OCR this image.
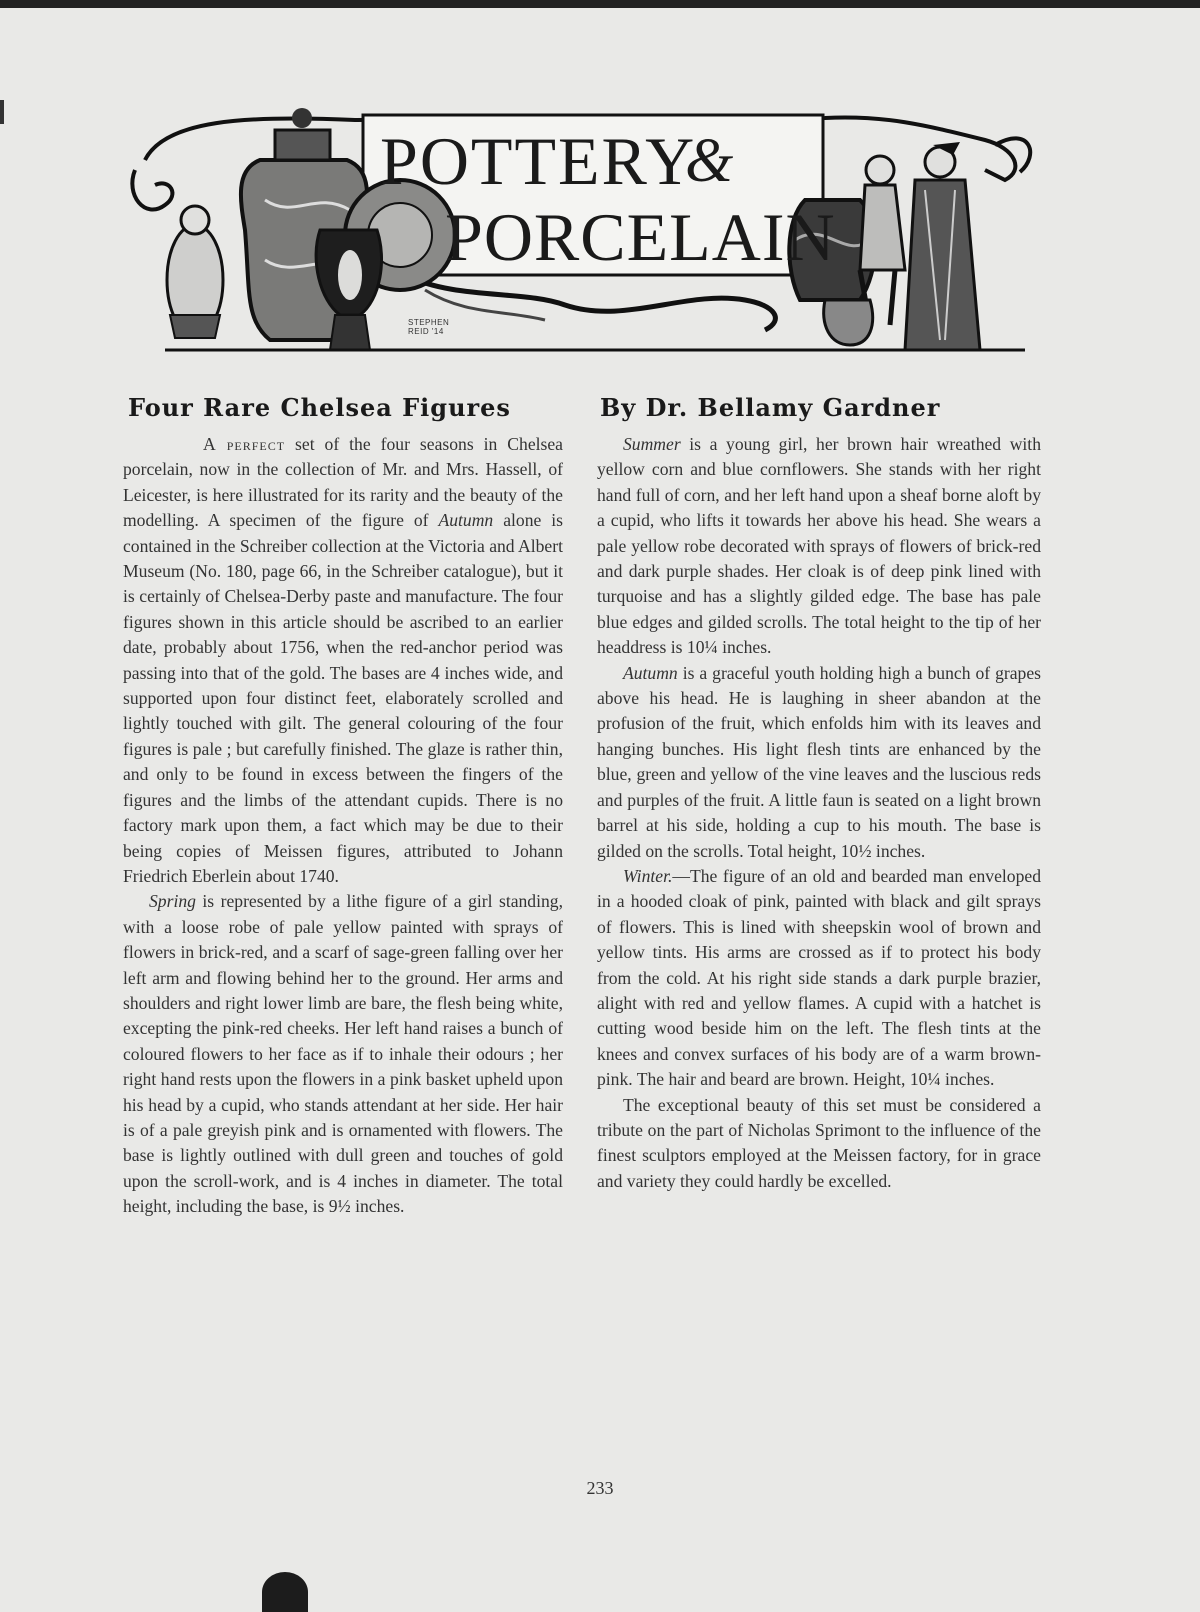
POTTERY
&
PORCELAIN
STEPHEN
REID '14
Four Rare Chelsea Figures	By Dr. Bellamy Gardner

A perfect set of the four seasons in Chelsea porcelain, now in the collection of Mr. and Mrs. Hassell, of Leicester, is here illustrated for its rarity and the beauty of the modelling. A specimen of the figure of Autumn alone is contained in the Schreiber collection at the Victoria and Albert Museum (No. 180, page 66, in the Schreiber catalogue), but it is certainly of Chelsea-Derby paste and manufacture. The four figures shown in this article should be ascribed to an earlier date, probably about 1756, when the red-anchor period was passing into that of the gold. The bases are 4 inches wide, and supported upon four distinct feet, elaborately scrolled and lightly touched with gilt. The general colouring of the four figures is pale ; but carefully finished. The glaze is rather thin, and only to be found in excess between the fingers of the figures and the limbs of the attendant cupids. There is no factory mark upon them, a fact which may be due to their being copies of Meissen figures, attributed to Johann Friedrich Eberlein about 1740.

Spring is represented by a lithe figure of a girl standing, with a loose robe of pale yellow painted with sprays of flowers in brick-red, and a scarf of sage-green falling over her left arm and flowing behind her to the ground. Her arms and shoulders and right lower limb are bare, the flesh being white, excepting the pink-red cheeks. Her left hand raises a bunch of coloured flowers to her face as if to inhale their odours ; her right hand rests upon the flowers in a pink basket upheld upon his head by a cupid, who stands attendant at her side. Her hair is of a pale greyish pink and is ornamented with flowers. The base is lightly outlined with dull green and touches of gold upon the scroll-work, and is 4 inches in diameter. The total height, including the base, is 9½ inches.

Summer is a young girl, her brown hair wreathed with yellow corn and blue cornflowers. She stands with her right hand full of corn, and her left hand upon a sheaf borne aloft by a cupid, who lifts it towards her above his head. She wears a pale yellow robe decorated with sprays of flowers of brick-red and dark purple shades. Her cloak is of deep pink lined with turquoise and has a slightly gilded edge. The base has pale blue edges and gilded scrolls. The total height to the tip of her headdress is 10¼ inches.

Autumn is a graceful youth holding high a bunch of grapes above his head. He is laughing in sheer abandon at the profusion of the fruit, which enfolds him with its leaves and hanging bunches. His light flesh tints are enhanced by the blue, green and yellow of the vine leaves and the luscious reds and purples of the fruit. A little faun is seated on a light brown barrel at his side, holding a cup to his mouth. The base is gilded on the scrolls. Total height, 10½ inches.

Winter.—The figure of an old and bearded man enveloped in a hooded cloak of pink, painted with black and gilt sprays of flowers. This is lined with sheepskin wool of brown and yellow tints. His arms are crossed as if to protect his body from the cold. At his right side stands a dark purple brazier, alight with red and yellow flames. A cupid with a hatchet is cutting wood beside him on the left. The flesh tints at the knees and convex surfaces of his body are of a warm brown-pink. The hair and beard are brown. Height, 10¼ inches.

The exceptional beauty of this set must be considered a tribute on the part of Nicholas Sprimont to the influence of the finest sculptors employed at the Meissen factory, for in grace and variety they could hardly be excelled.

233
